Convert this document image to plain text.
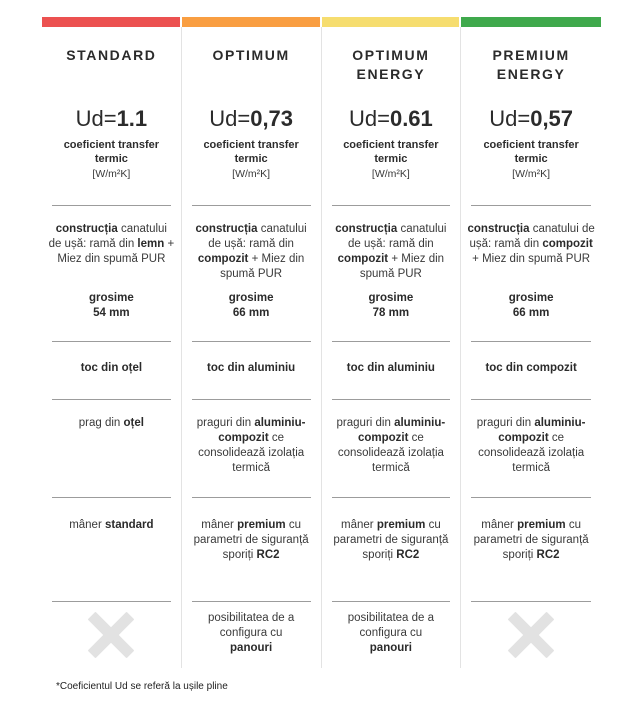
STANDARD
Ud=1.1
coeficient transfer termic
[W/m²K]

construcția canatului de ușă: ramă din lemn + Miez din spumă PUR

grosime
54 mm

toc din oțel

prag din oțel

mâner standard

OPTIMUM
Ud=0,73
coeficient transfer termic
[W/m²K]

construcția canatului de ușă: ramă din compozit + Miez din spumă PUR

grosime
66 mm

toc din aluminiu

praguri din aluminiu-compozit ce consolidează izolația termică

mâner premium cu parametri de siguranță sporiți RC2

posibilitatea de a configura cu
panouri

OPTIMUM ENERGY
Ud=0.61
coeficient transfer termic
[W/m²K]

construcția canatului de ușă: ramă din compozit + Miez din spumă PUR

grosime
78 mm

toc din aluminiu

praguri din aluminiu-compozit ce consolidează izolația termică

mâner premium cu parametri de siguranță sporiți RC2

posibilitatea de a configura cu
panouri

PREMIUM ENERGY
Ud=0,57
coeficient transfer termic
[W/m²K]

construcția canatului de ușă: ramă din compozit + Miez din spumă PUR

grosime
66 mm

toc din compozit

praguri din aluminiu-compozit ce consolidează izolația termică

mâner premium cu parametri de siguranță sporiți RC2

*Coeficientul Ud se referă la ușile pline
